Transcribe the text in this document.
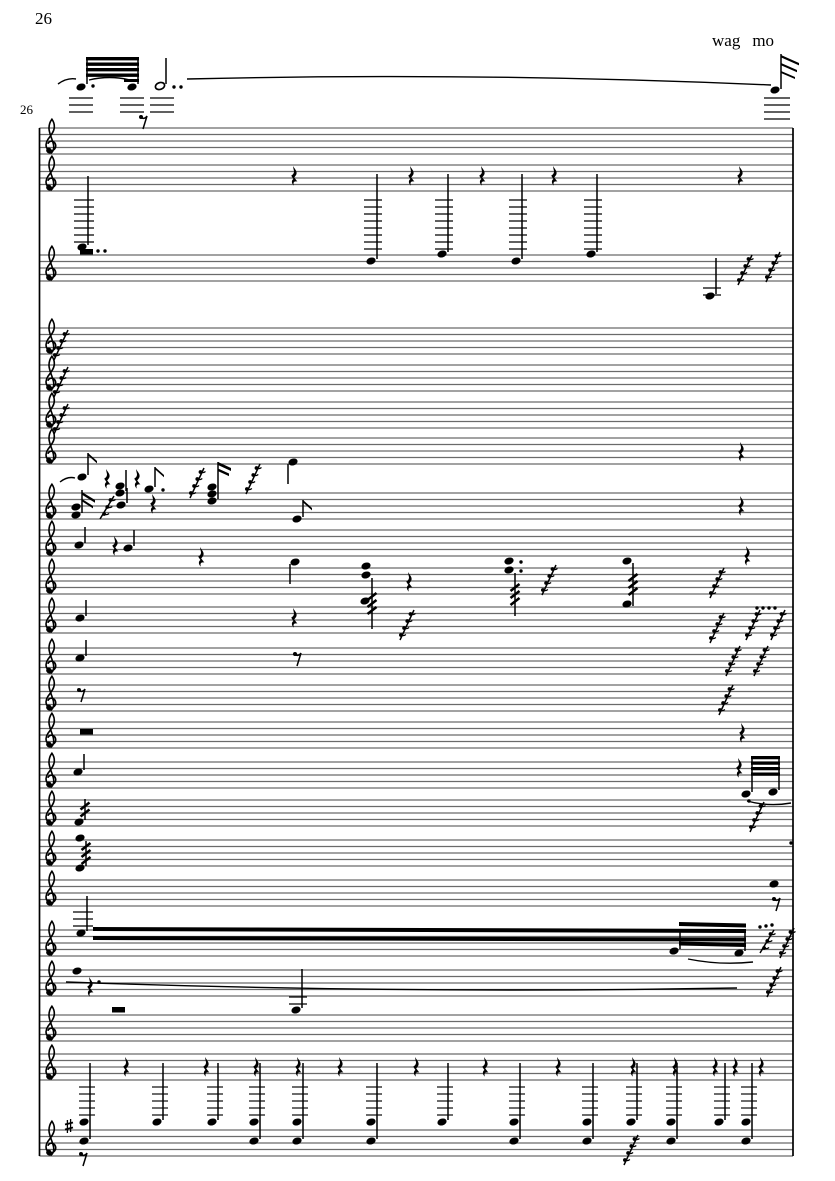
26
wag mo
26
